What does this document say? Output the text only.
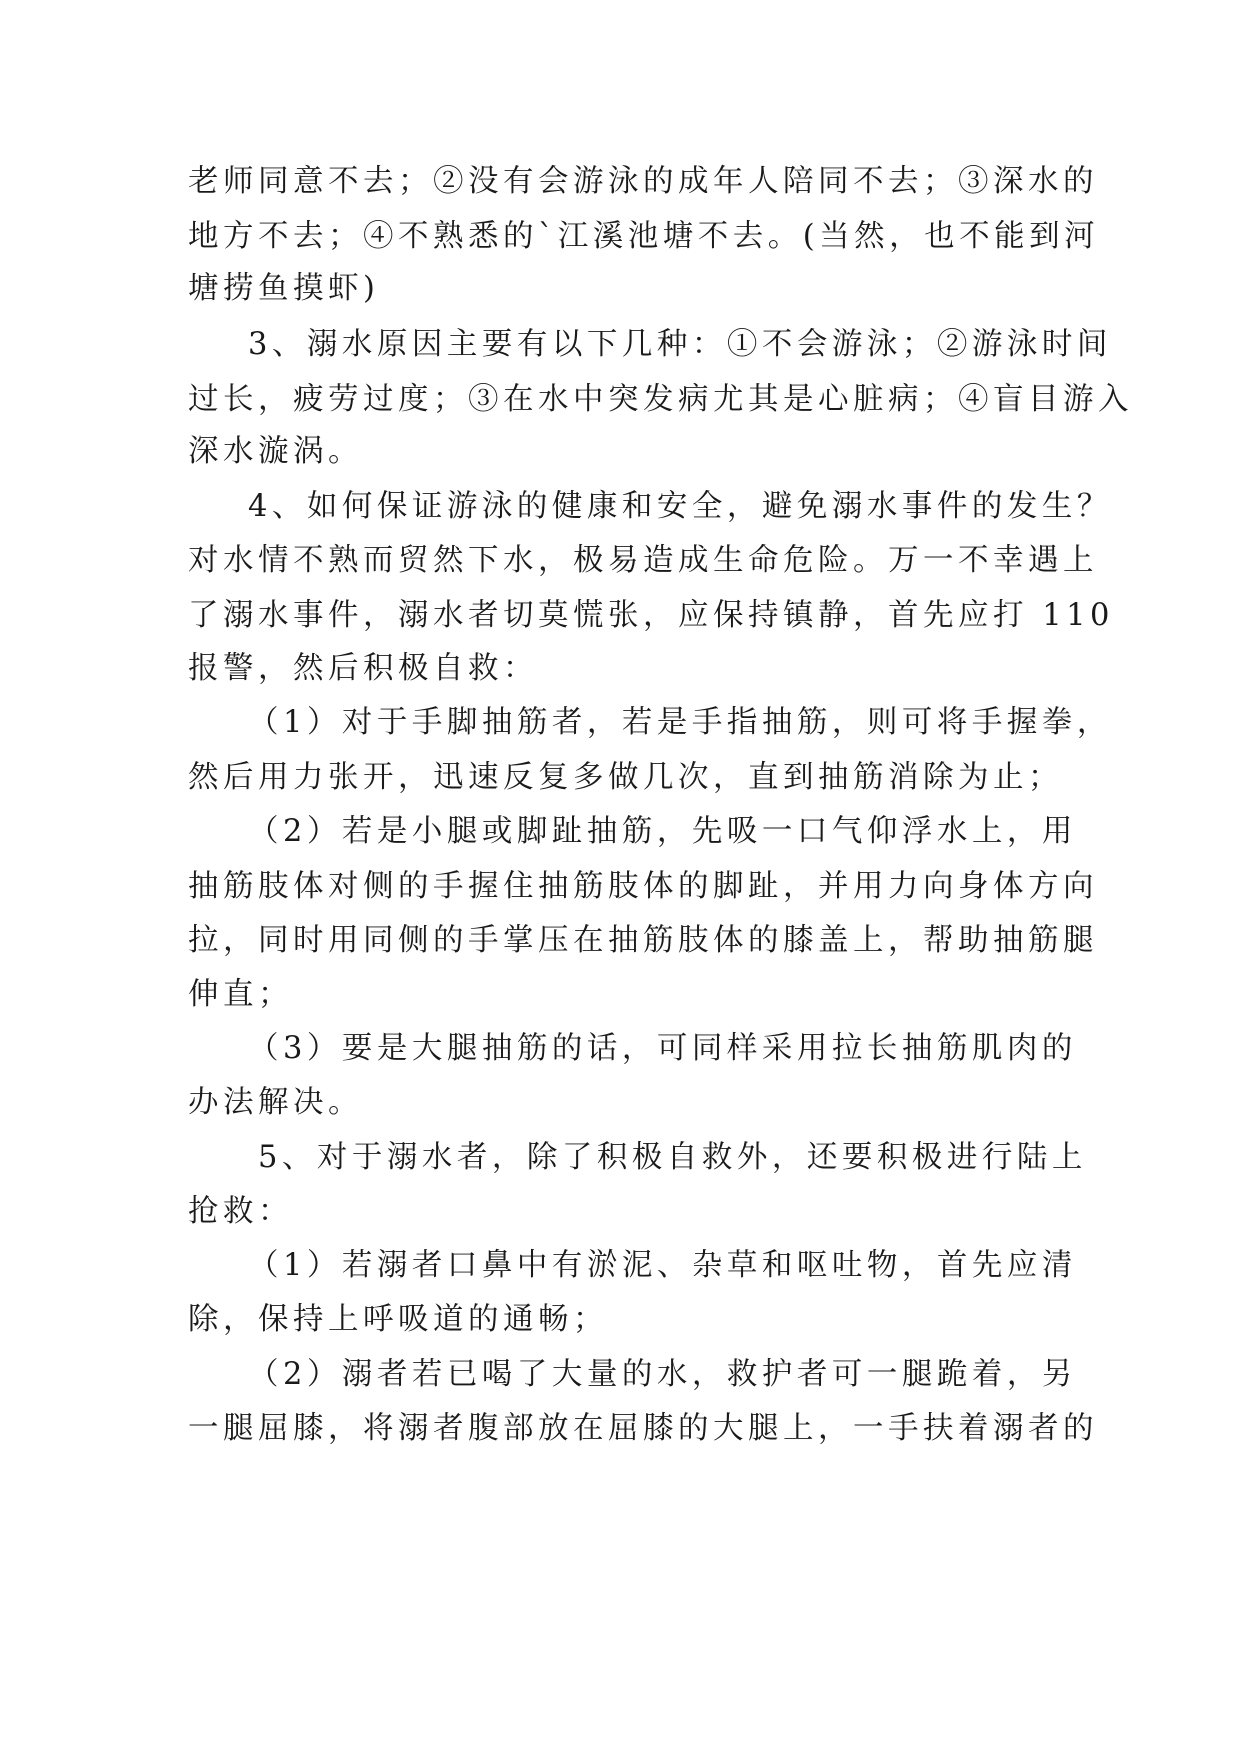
老师同意不去；②没有会游泳的成年人陪同不去；③深水的
地方不去；④不熟悉的`江溪池塘不去。(当然，也不能到河
塘捞鱼摸虾)
3、溺水原因主要有以下几种：①不会游泳；②游泳时间
过长，疲劳过度；③在水中突发病尤其是心脏病；④盲目游入
深水漩涡。
4、如何保证游泳的健康和安全，避免溺水事件的发生？
对水情不熟而贸然下水，极易造成生命危险。万一不幸遇上
了溺水事件，溺水者切莫慌张，应保持镇静，首先应打 110
报警，然后积极自救：
（1）对于手脚抽筋者，若是手指抽筋，则可将手握拳，
然后用力张开，迅速反复多做几次，直到抽筋消除为止；
（2）若是小腿或脚趾抽筋，先吸一口气仰浮水上，用
抽筋肢体对侧的手握住抽筋肢体的脚趾，并用力向身体方向
拉，同时用同侧的手掌压在抽筋肢体的膝盖上，帮助抽筋腿
伸直；
（3）要是大腿抽筋的话，可同样采用拉长抽筋肌肉的
办法解决。
5、对于溺水者，除了积极自救外，还要积极进行陆上
抢救：
（1）若溺者口鼻中有淤泥、杂草和呕吐物，首先应清
除，保持上呼吸道的通畅；
（2）溺者若已喝了大量的水，救护者可一腿跪着，另
一腿屈膝，将溺者腹部放在屈膝的大腿上，一手扶着溺者的
